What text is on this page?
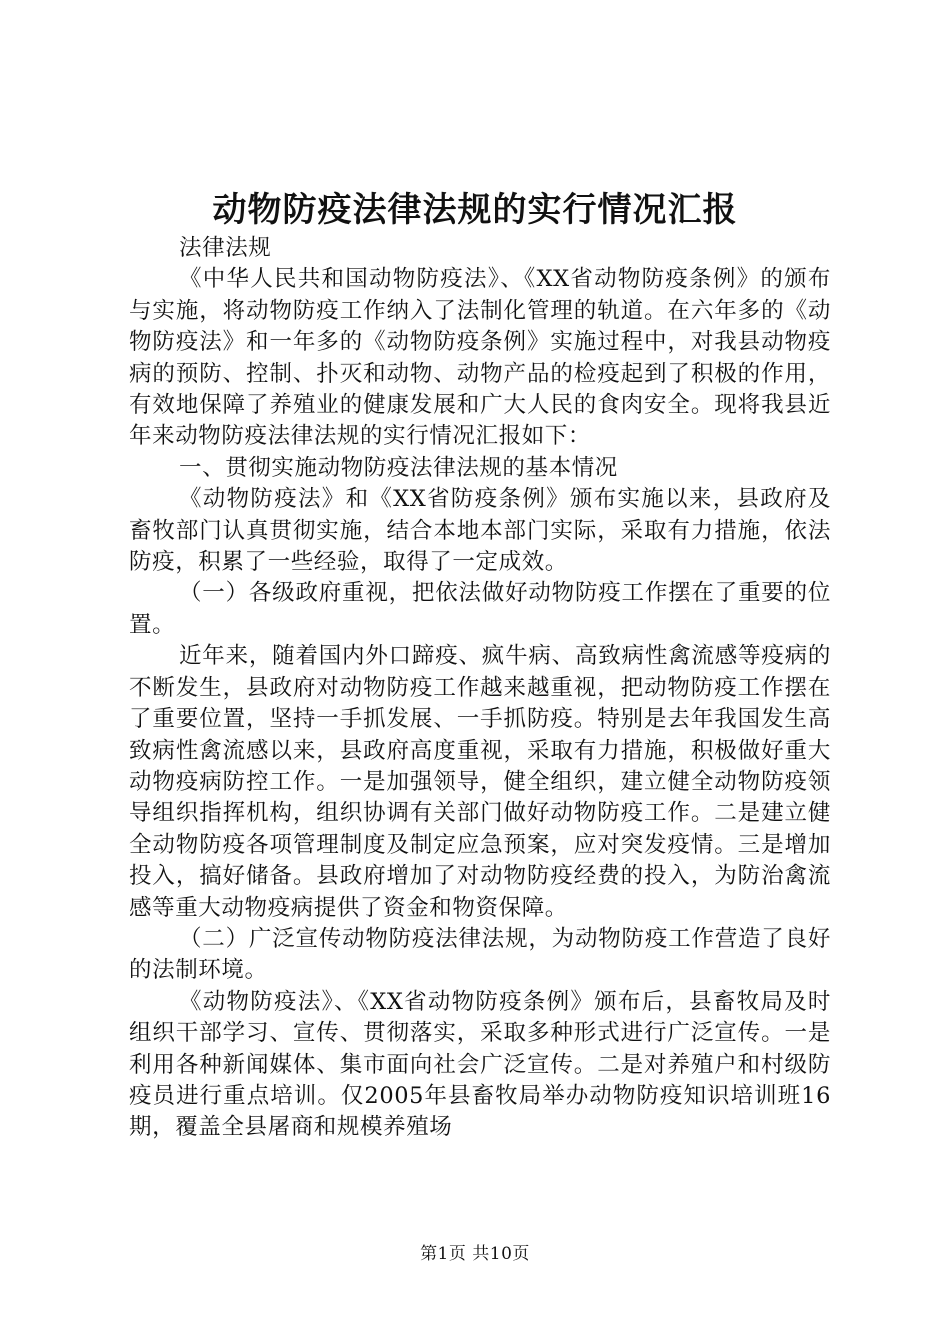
动物防疫法律法规的实行情况汇报

法律法规

《中华人民共和国动物防疫法》、《XX省动物防疫条例》的颁布与实施，将动物防疫工作纳入了法制化管理的轨道。在六年多的《动物防疫法》和一年多的《动物防疫条例》实施过程中，对我县动物疫病的预防、控制、扑灭和动物、动物产品的检疫起到了积极的作用，有效地保障了养殖业的健康发展和广大人民的食肉安全。现将我县近年来动物防疫法律法规的实行情况汇报如下：

一、贯彻实施动物防疫法律法规的基本情况

《动物防疫法》和《XX省防疫条例》颁布实施以来，县政府及畜牧部门认真贯彻实施，结合本地本部门实际，采取有力措施，依法防疫，积累了一些经验，取得了一定成效。

（一）各级政府重视，把依法做好动物防疫工作摆在了重要的位置。

近年来，随着国内外口蹄疫、疯牛病、高致病性禽流感等疫病的不断发生，县政府对动物防疫工作越来越重视，把动物防疫工作摆在了重要位置，坚持一手抓发展、一手抓防疫。特别是去年我国发生高致病性禽流感以来，县政府高度重视，采取有力措施，积极做好重大动物疫病防控工作。一是加强领导，健全组织，建立健全动物防疫领导组织指挥机构，组织协调有关部门做好动物防疫工作。二是建立健全动物防疫各项管理制度及制定应急预案，应对突发疫情。三是增加投入，搞好储备。县政府增加了对动物防疫经费的投入，为防治禽流感等重大动物疫病提供了资金和物资保障。

（二）广泛宣传动物防疫法律法规，为动物防疫工作营造了良好的法制环境。

《动物防疫法》、《XX省动物防疫条例》颁布后，县畜牧局及时组织干部学习、宣传、贯彻落实，采取多种形式进行广泛宣传。一是利用各种新闻媒体、集市面向社会广泛宣传。二是对养殖户和村级防疫员进行重点培训。仅2005年县畜牧局举办动物防疫知识培训班16期，覆盖全县屠商和规模养殖场

第1页 共10页
